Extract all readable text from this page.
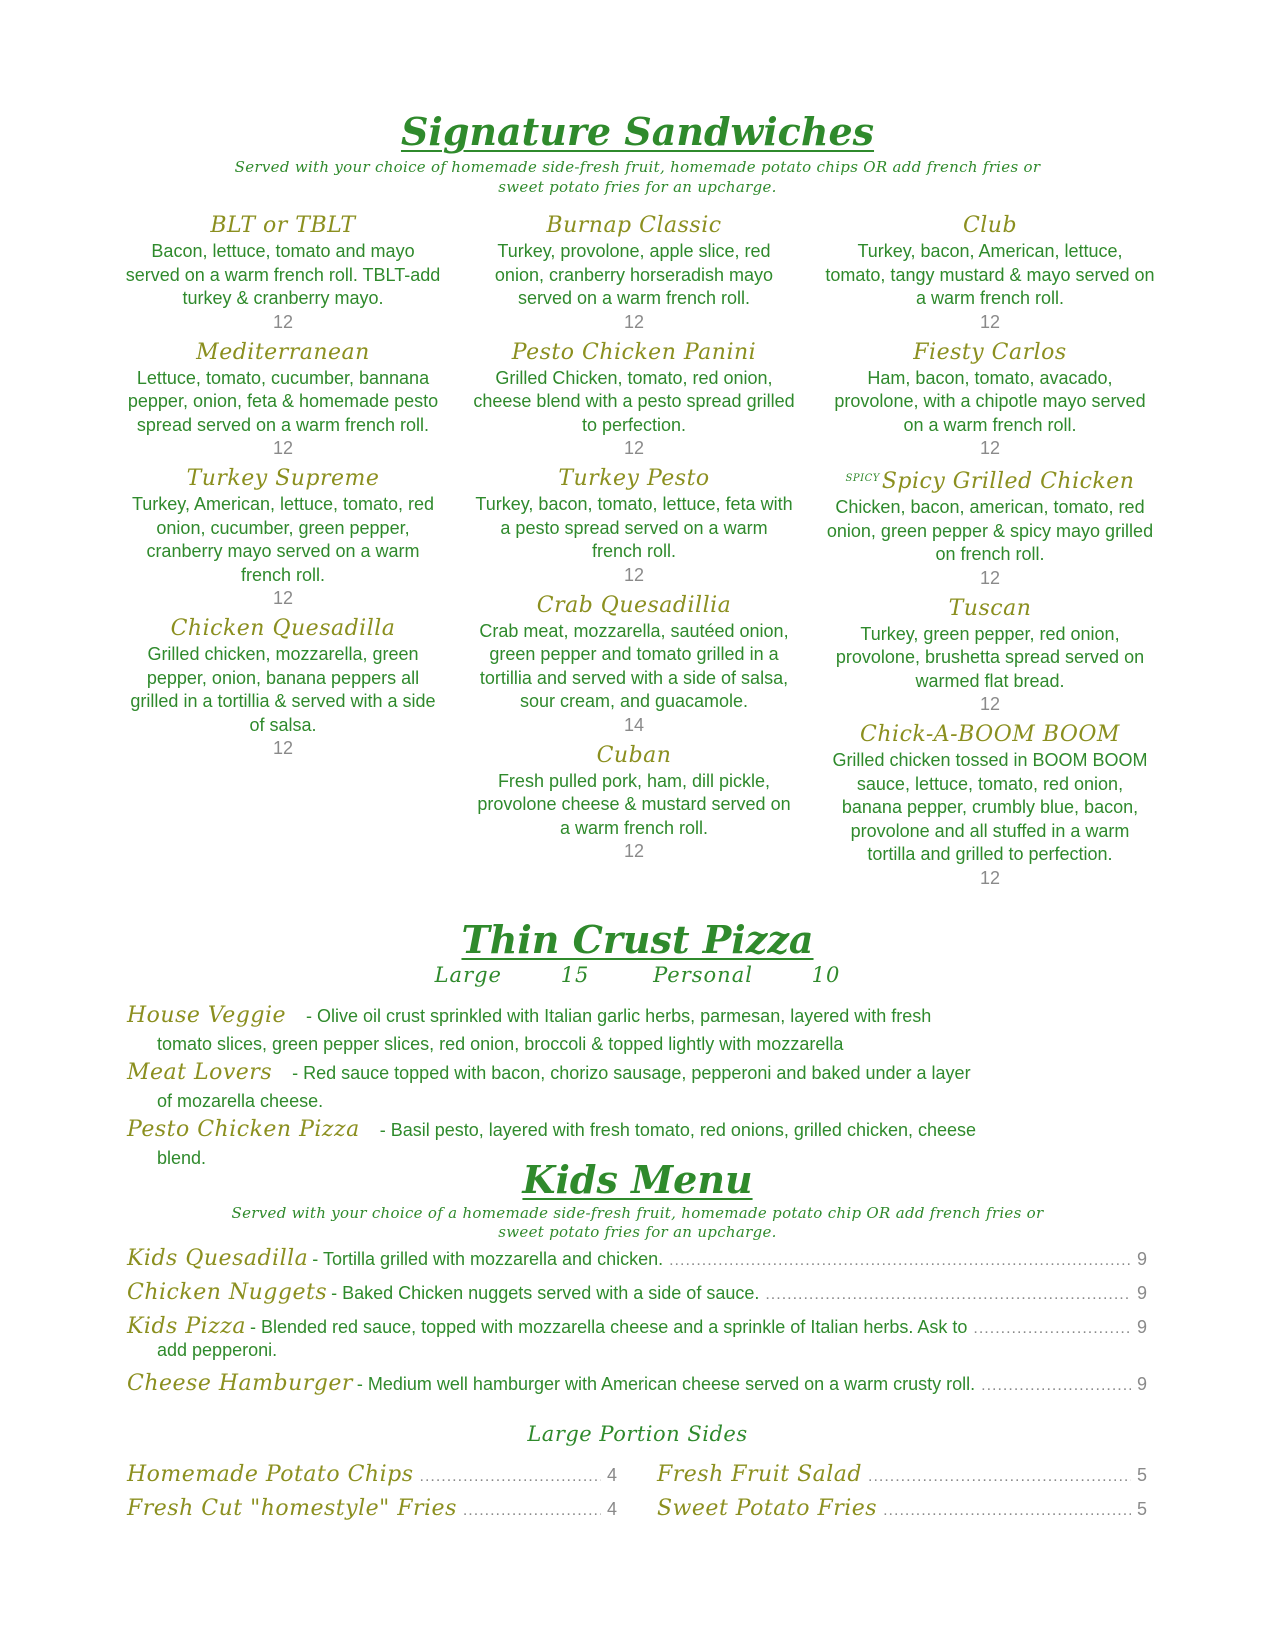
Signature Sandwiches

Served with your choice of homemade side-fresh fruit, homemade potato chips OR add french fries or

sweet potato fries for an upcharge.

BLT or TBLT

Bacon, lettuce, tomato and mayo served on a warm french roll. TBLT-add turkey & cranberry mayo.

12

Mediterranean

Lettuce, tomato, cucumber, bannana pepper, onion, feta & homemade pesto spread served on a warm french roll.

12

Turkey Supreme

Turkey, American, lettuce, tomato, red onion, cucumber, green pepper, cranberry mayo served on a warm french roll.

12

Chicken Quesadilla

Grilled chicken, mozzarella, green pepper, onion, banana peppers all grilled in a tortillia & served with a side of salsa.

12

Burnap Classic

Turkey, provolone, apple slice, red onion, cranberry horseradish mayo served on a warm french roll.

12

Pesto Chicken Panini

Grilled Chicken, tomato, red onion, cheese blend with a pesto spread grilled to perfection.

12

Turkey Pesto

Turkey, bacon, tomato, lettuce, feta with a pesto spread served on a warm french roll.

12

Crab Quesadillia

Crab meat, mozzarella, sautéed onion, green pepper and tomato grilled in a tortillia and served with a side of salsa, sour cream, and guacamole.

14

Cuban

Fresh pulled pork, ham, dill pickle, provolone cheese & mustard served on a warm french roll.

12

Club

Turkey, bacon, American, lettuce, tomato, tangy mustard & mayo served on a warm french roll.

12

Fiesty Carlos

Ham, bacon, tomato, avacado, provolone, with a chipotle mayo served on a warm french roll.

12

$^{SPICY}$Spicy Grilled Chicken

Chicken, bacon, american, tomato, red onion, green pepper & spicy mayo grilled on french roll.

12

Tuscan

Turkey, green pepper, red onion, provolone, brushetta spread served on warmed flat bread.

12

Chick-A-BOOM BOOM

Grilled chicken tossed in BOOM BOOM sauce, lettuce, tomato, red onion, banana pepper, crumbly blue, bacon, provolone and all stuffed in a warm tortilla and grilled to perfection.

12

Thin Crust Pizza

Large	15	Personal	10

House Veggie - Olive oil crust sprinkled with Italian garlic herbs, parmesan, layered with fresh
tomato slices, green pepper slices, red onion, broccoli & topped lightly with mozzarella
Meat Lovers - Red sauce topped with bacon, chorizo sausage, pepperoni and baked under a layer
of mozarella cheese.
Pesto Chicken Pizza - Basil pesto, layered with fresh tomato, red onions, grilled chicken, cheese
blend.	Kids Menu

Served with your choice of a homemade side-fresh fruit, homemade potato chip OR add french fries or

sweet potato fries for an upcharge.

Kids Quesadilla - Tortilla grilled with mozzarella and chicken. .....	9
Chicken Nuggets - Baked Chicken nuggets served with a side of sauce. .....	9
Kids Pizza - Blended red sauce, topped with mozzarella cheese and a sprinkle of Italian herbs. Ask to .....	9
add pepperoni.
Cheese Hamburger - Medium well hamburger with American cheese served on a warm crusty roll. .....	9

Large Portion Sides

Homemade Potato Chips .....	4 Fresh Fruit Salad .....	5
Fresh Cut "homestyle" Fries .....	4 Sweet Potato Fries .....	5
